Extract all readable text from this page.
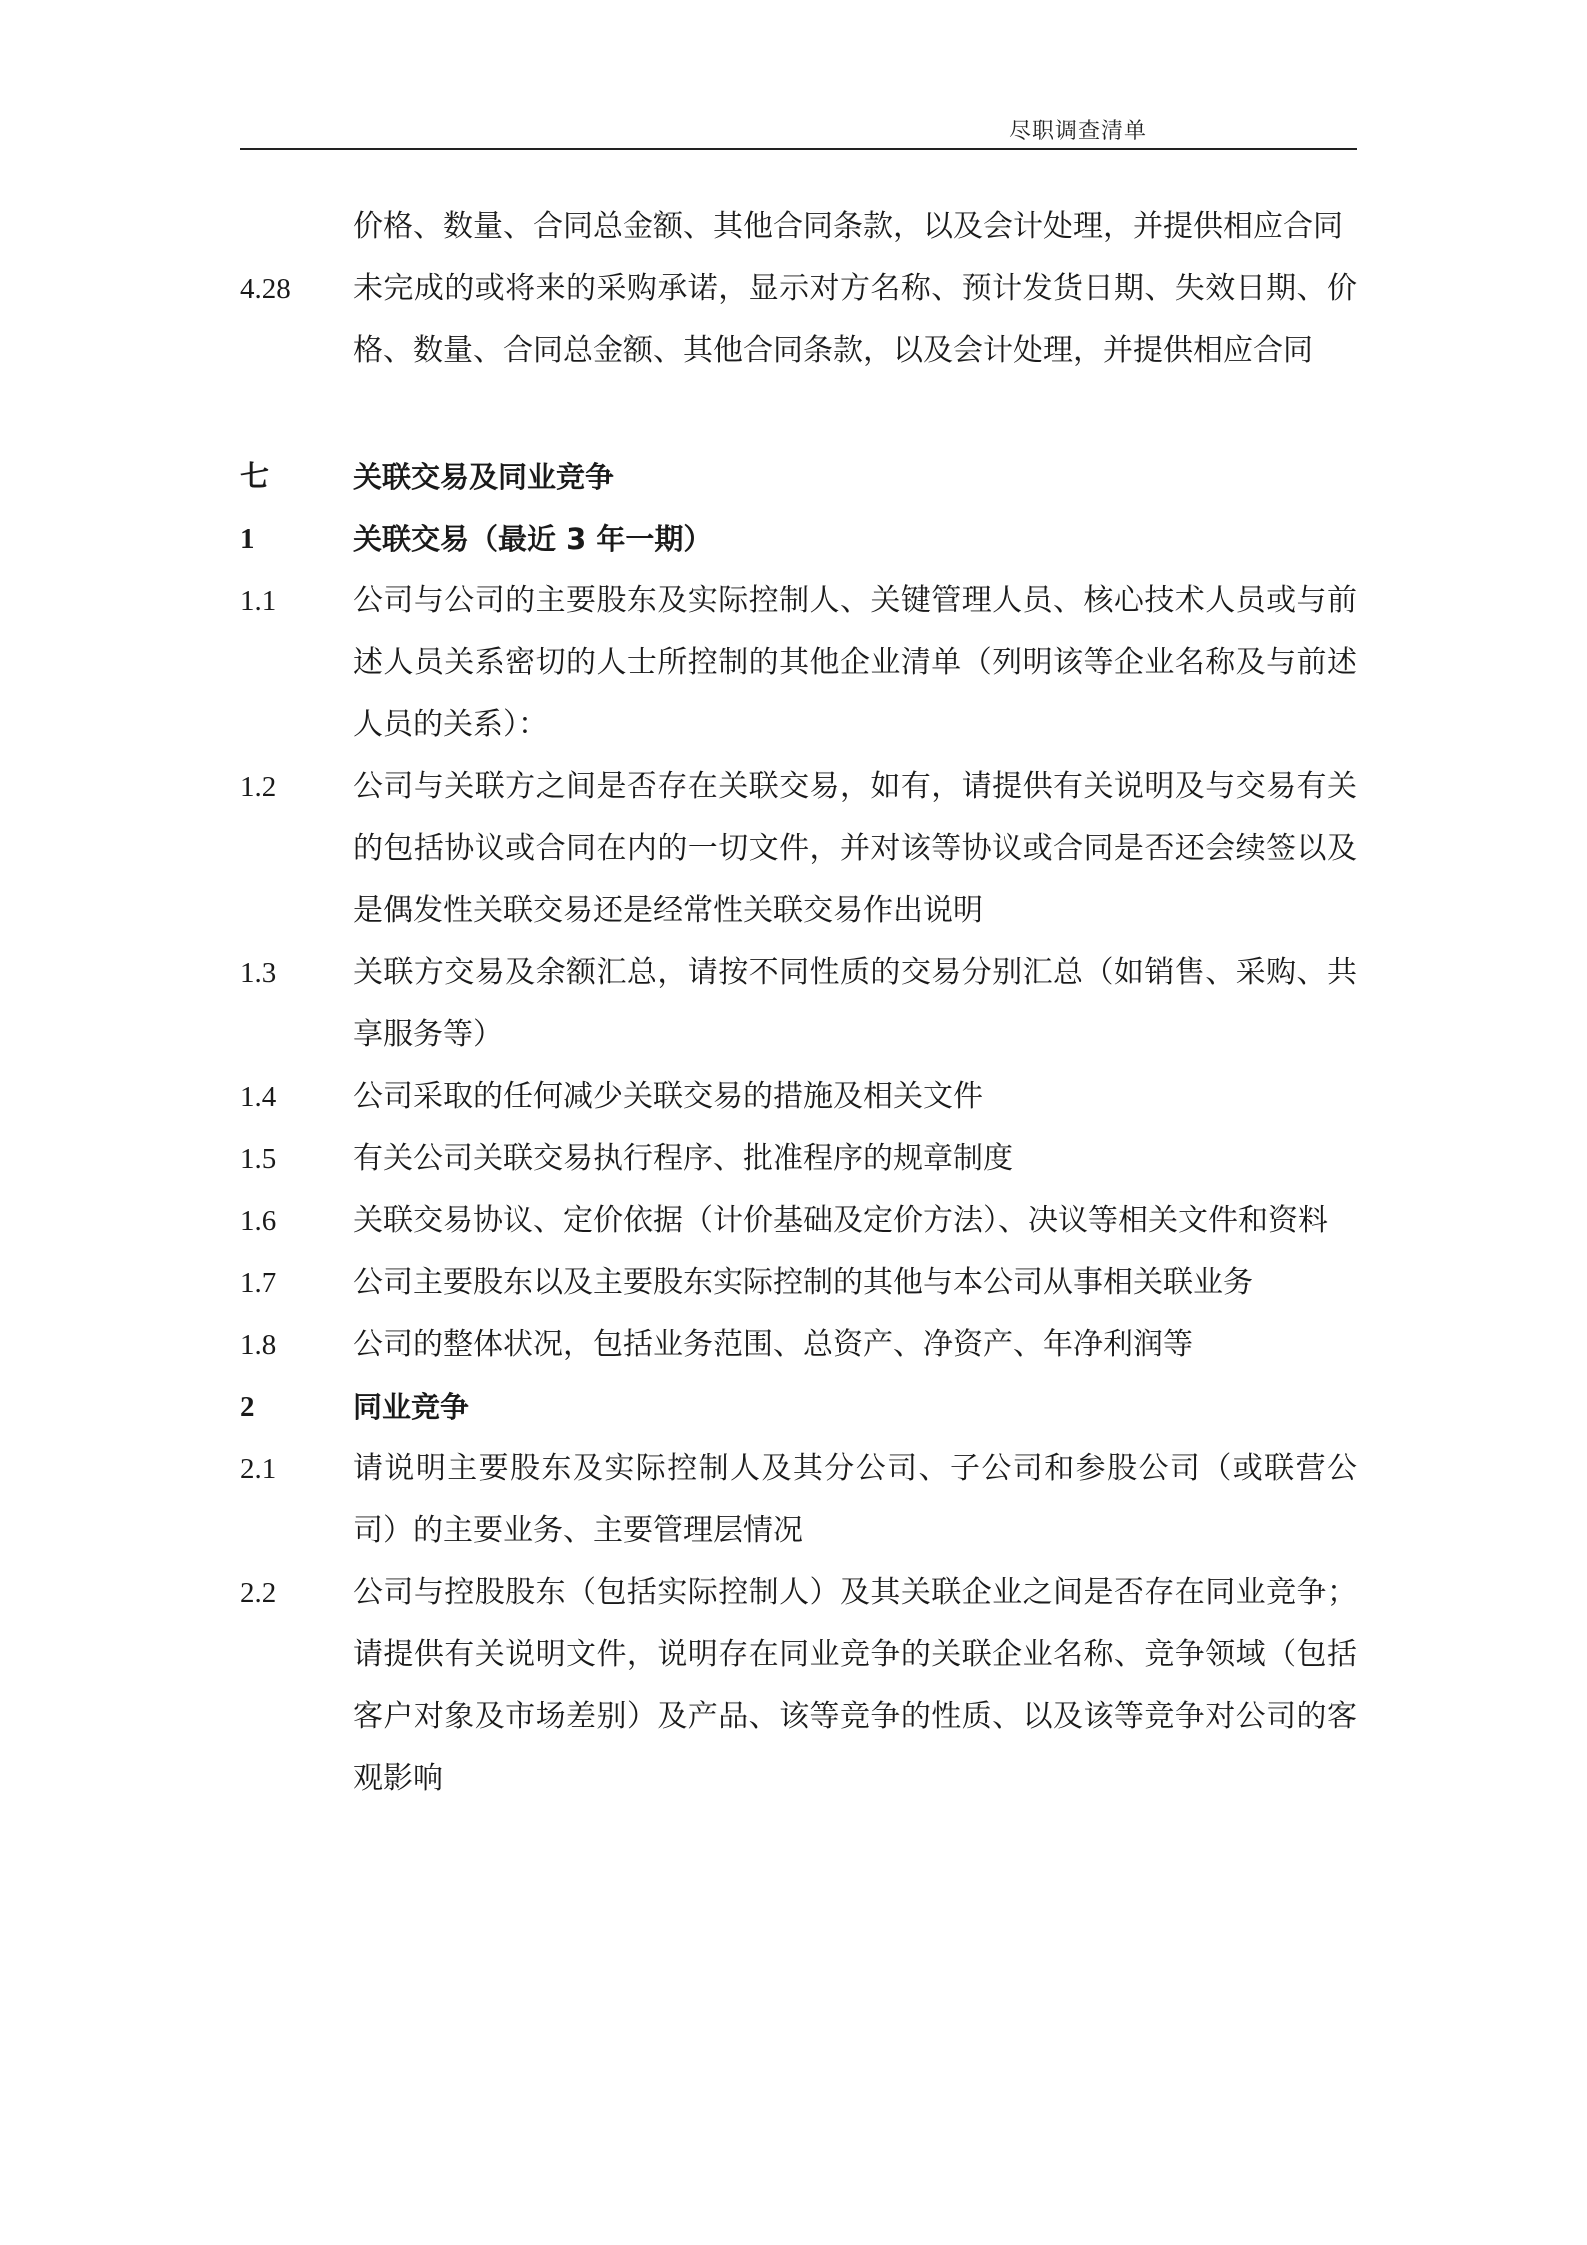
尽职调查清单
价格、数量、合同总金额、其他合同条款，以及会计处理，并提供相应合同
4.28	未完成的或将来的采购承诺，显示对方名称、预计发货日期、失效日期、价格、数量、合同总金额、其他合同条款，以及会计处理，并提供相应合同
七	关联交易及同业竞争
1	关联交易（最近 3 年一期）
1.1	公司与公司的主要股东及实际控制人、关键管理人员、核心技术人员或与前述人员关系密切的人士所控制的其他企业清单（列明该等企业名称及与前述人员的关系）：
1.2	公司与关联方之间是否存在关联交易，如有，请提供有关说明及与交易有关的包括协议或合同在内的一切文件，并对该等协议或合同是否还会续签以及是偶发性关联交易还是经常性关联交易作出说明
1.3	关联方交易及余额汇总，请按不同性质的交易分别汇总（如销售、采购、共享服务等）
1.4	公司采取的任何减少关联交易的措施及相关文件
1.5	有关公司关联交易执行程序、批准程序的规章制度
1.6	关联交易协议、定价依据（计价基础及定价方法）、决议等相关文件和资料
1.7	公司主要股东以及主要股东实际控制的其他与本公司从事相关联业务
1.8	公司的整体状况，包括业务范围、总资产、净资产、年净利润等
2	同业竞争
2.1	请说明主要股东及实际控制人及其分公司、子公司和参股公司（或联营公司）的主要业务、主要管理层情况
2.2	公司与控股股东（包括实际控制人）及其关联企业之间是否存在同业竞争；请提供有关说明文件，说明存在同业竞争的关联企业名称、竞争领域（包括客户对象及市场差别）及产品、该等竞争的性质、以及该等竞争对公司的客观影响
